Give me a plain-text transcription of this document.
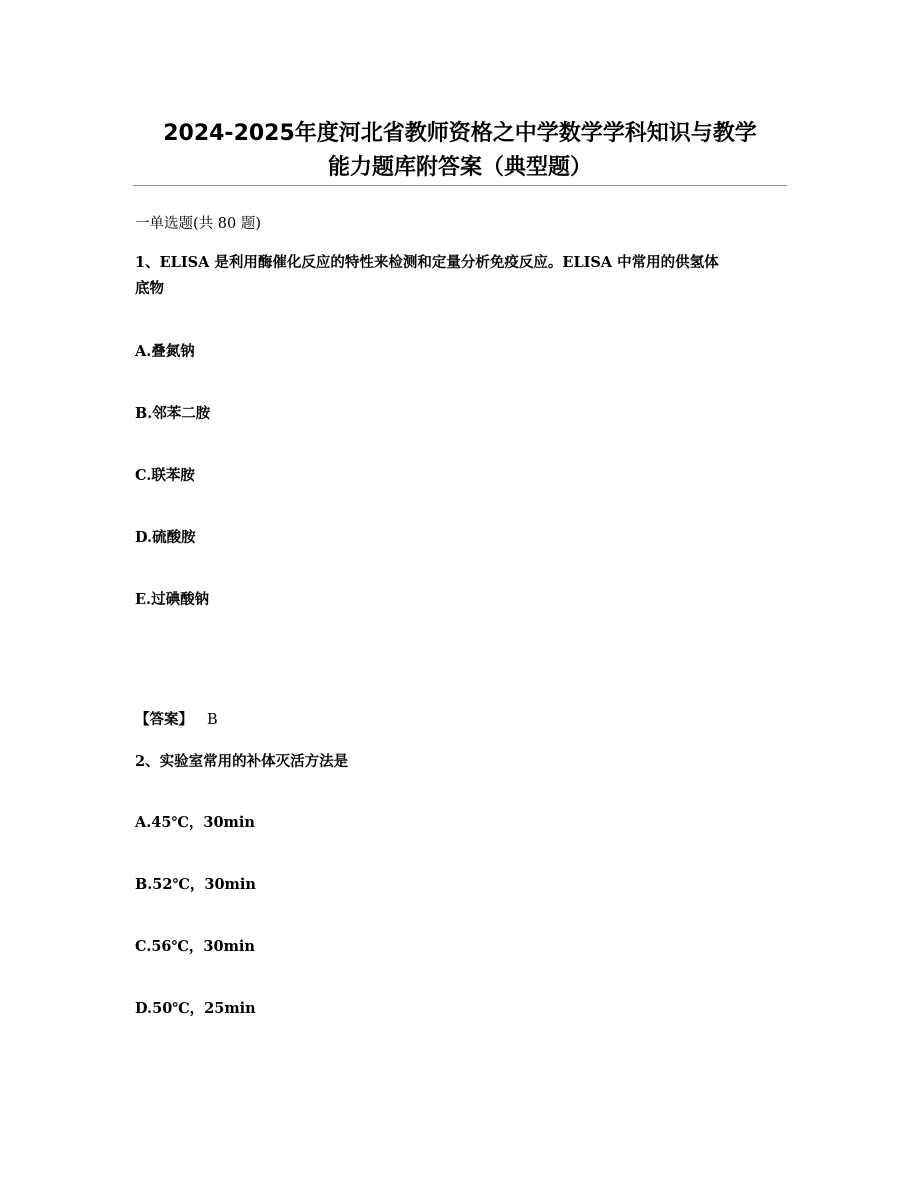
2024-2025年度河北省教师资格之中学数学学科知识与教学
能力题库附答案（典型题）
一单选题(共 80 题)
1、ELISA 是利用酶催化反应的特性来检测和定量分析免疫反应。ELISA 中常用的供氢体
底物
A.叠氮钠
B.邻苯二胺
C.联苯胺
D.硫酸胺
E.过碘酸钠
【答案】 B
2、实验室常用的补体灭活方法是
A.45℃，30min
B.52℃，30min
C.56℃，30min
D.50℃，25min
